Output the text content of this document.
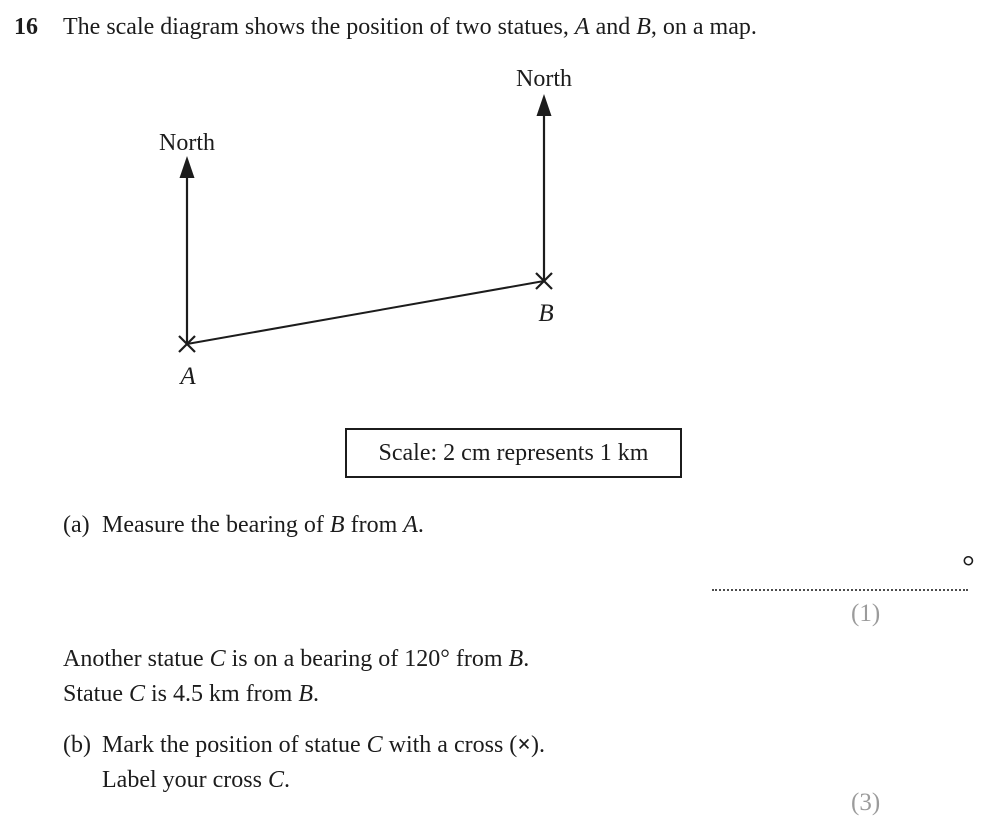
16 The scale diagram shows the position of two statues, A and B, on a map.
North
North
A
B
Scale: 2 cm represents 1 km
(a) Measure the bearing of B from A.
°
(1)
Another statue C is on a bearing of 120° from B.
Statue C is 4.5 km from B.
(b) Mark the position of statue C with a cross (×).
Label your cross C.
(3)
